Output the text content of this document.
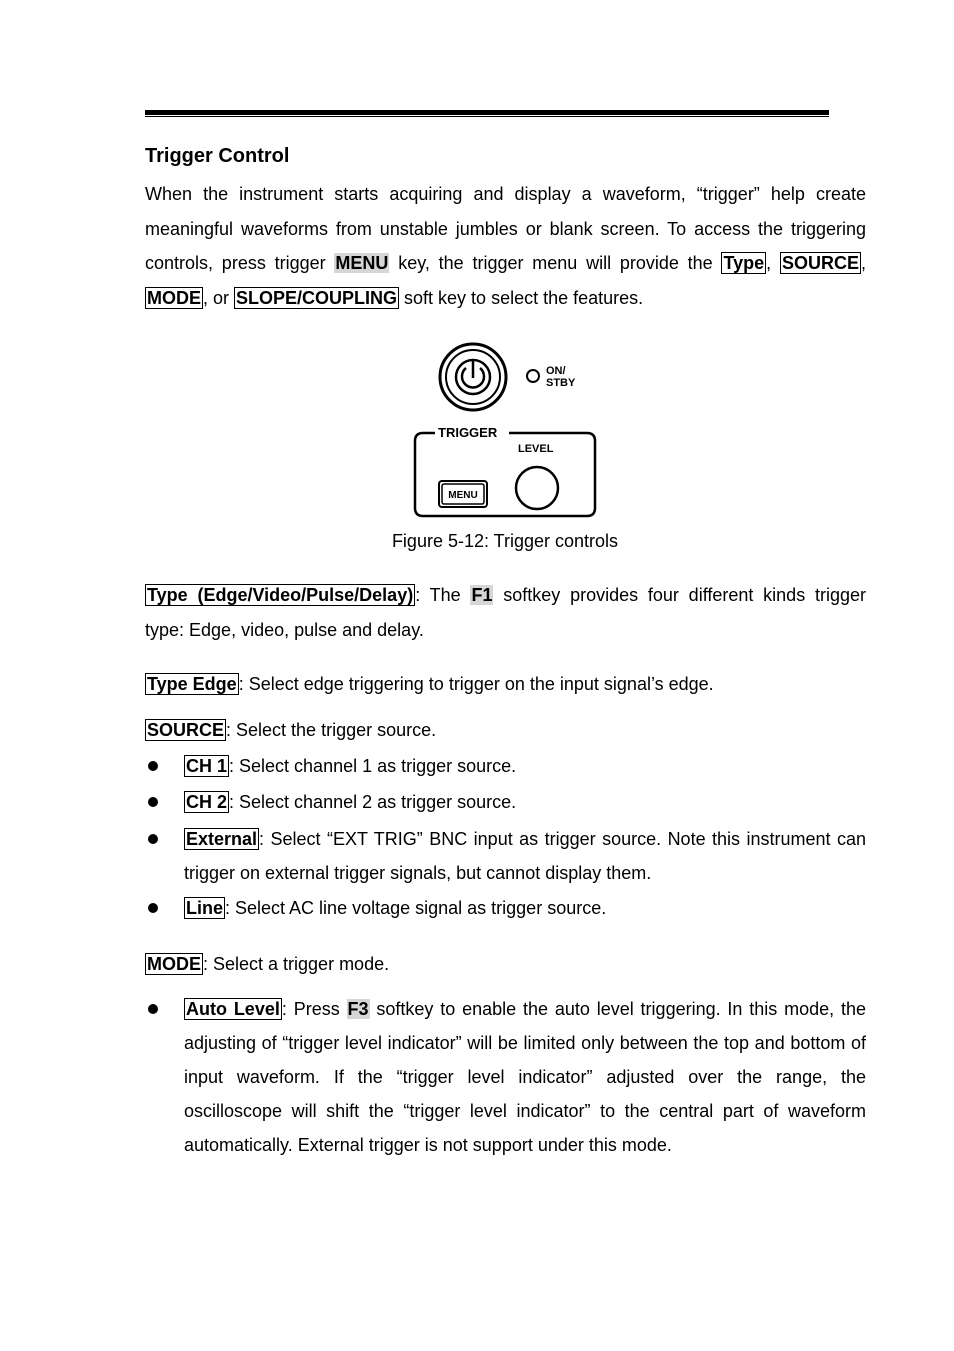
Trigger Control

When the instrument starts acquiring and display a waveform, “trigger” help create meaningful waveforms from unstable jumbles or blank screen. To access the triggering controls, press trigger MENU key, the trigger menu will provide the Type , SOURCE , MODE , or SLOPE/COUPLING soft key to select the features.

ON/
STBY
TRIGGER
LEVEL
MENU
Figure 5-12: Trigger controls

Type (Edge/Video/Pulse/Delay) : The F1 softkey provides four different kinds trigger type: Edge, video, pulse and delay.

Type Edge : Select edge triggering to trigger on the input signal’s edge.
SOURCE : Select the trigger source.
CH 1 : Select channel 1 as trigger source.
CH 2 : Select channel 2 as trigger source.

External : Select “EXT TRIG” BNC input as trigger source. Note this instrument can trigger on external trigger signals, but cannot display them.

Line : Select AC line voltage signal as trigger source.
MODE : Select a trigger mode.

Auto Level : Press F3 softkey to enable the auto level triggering. In this mode, the adjusting of “trigger level indicator” will be limited only between the top and bottom of input waveform. If the “trigger level indicator” adjusted over the range, the oscilloscope will shift the “trigger level indicator” to the central part of waveform automatically. External trigger is not support under this mode.
